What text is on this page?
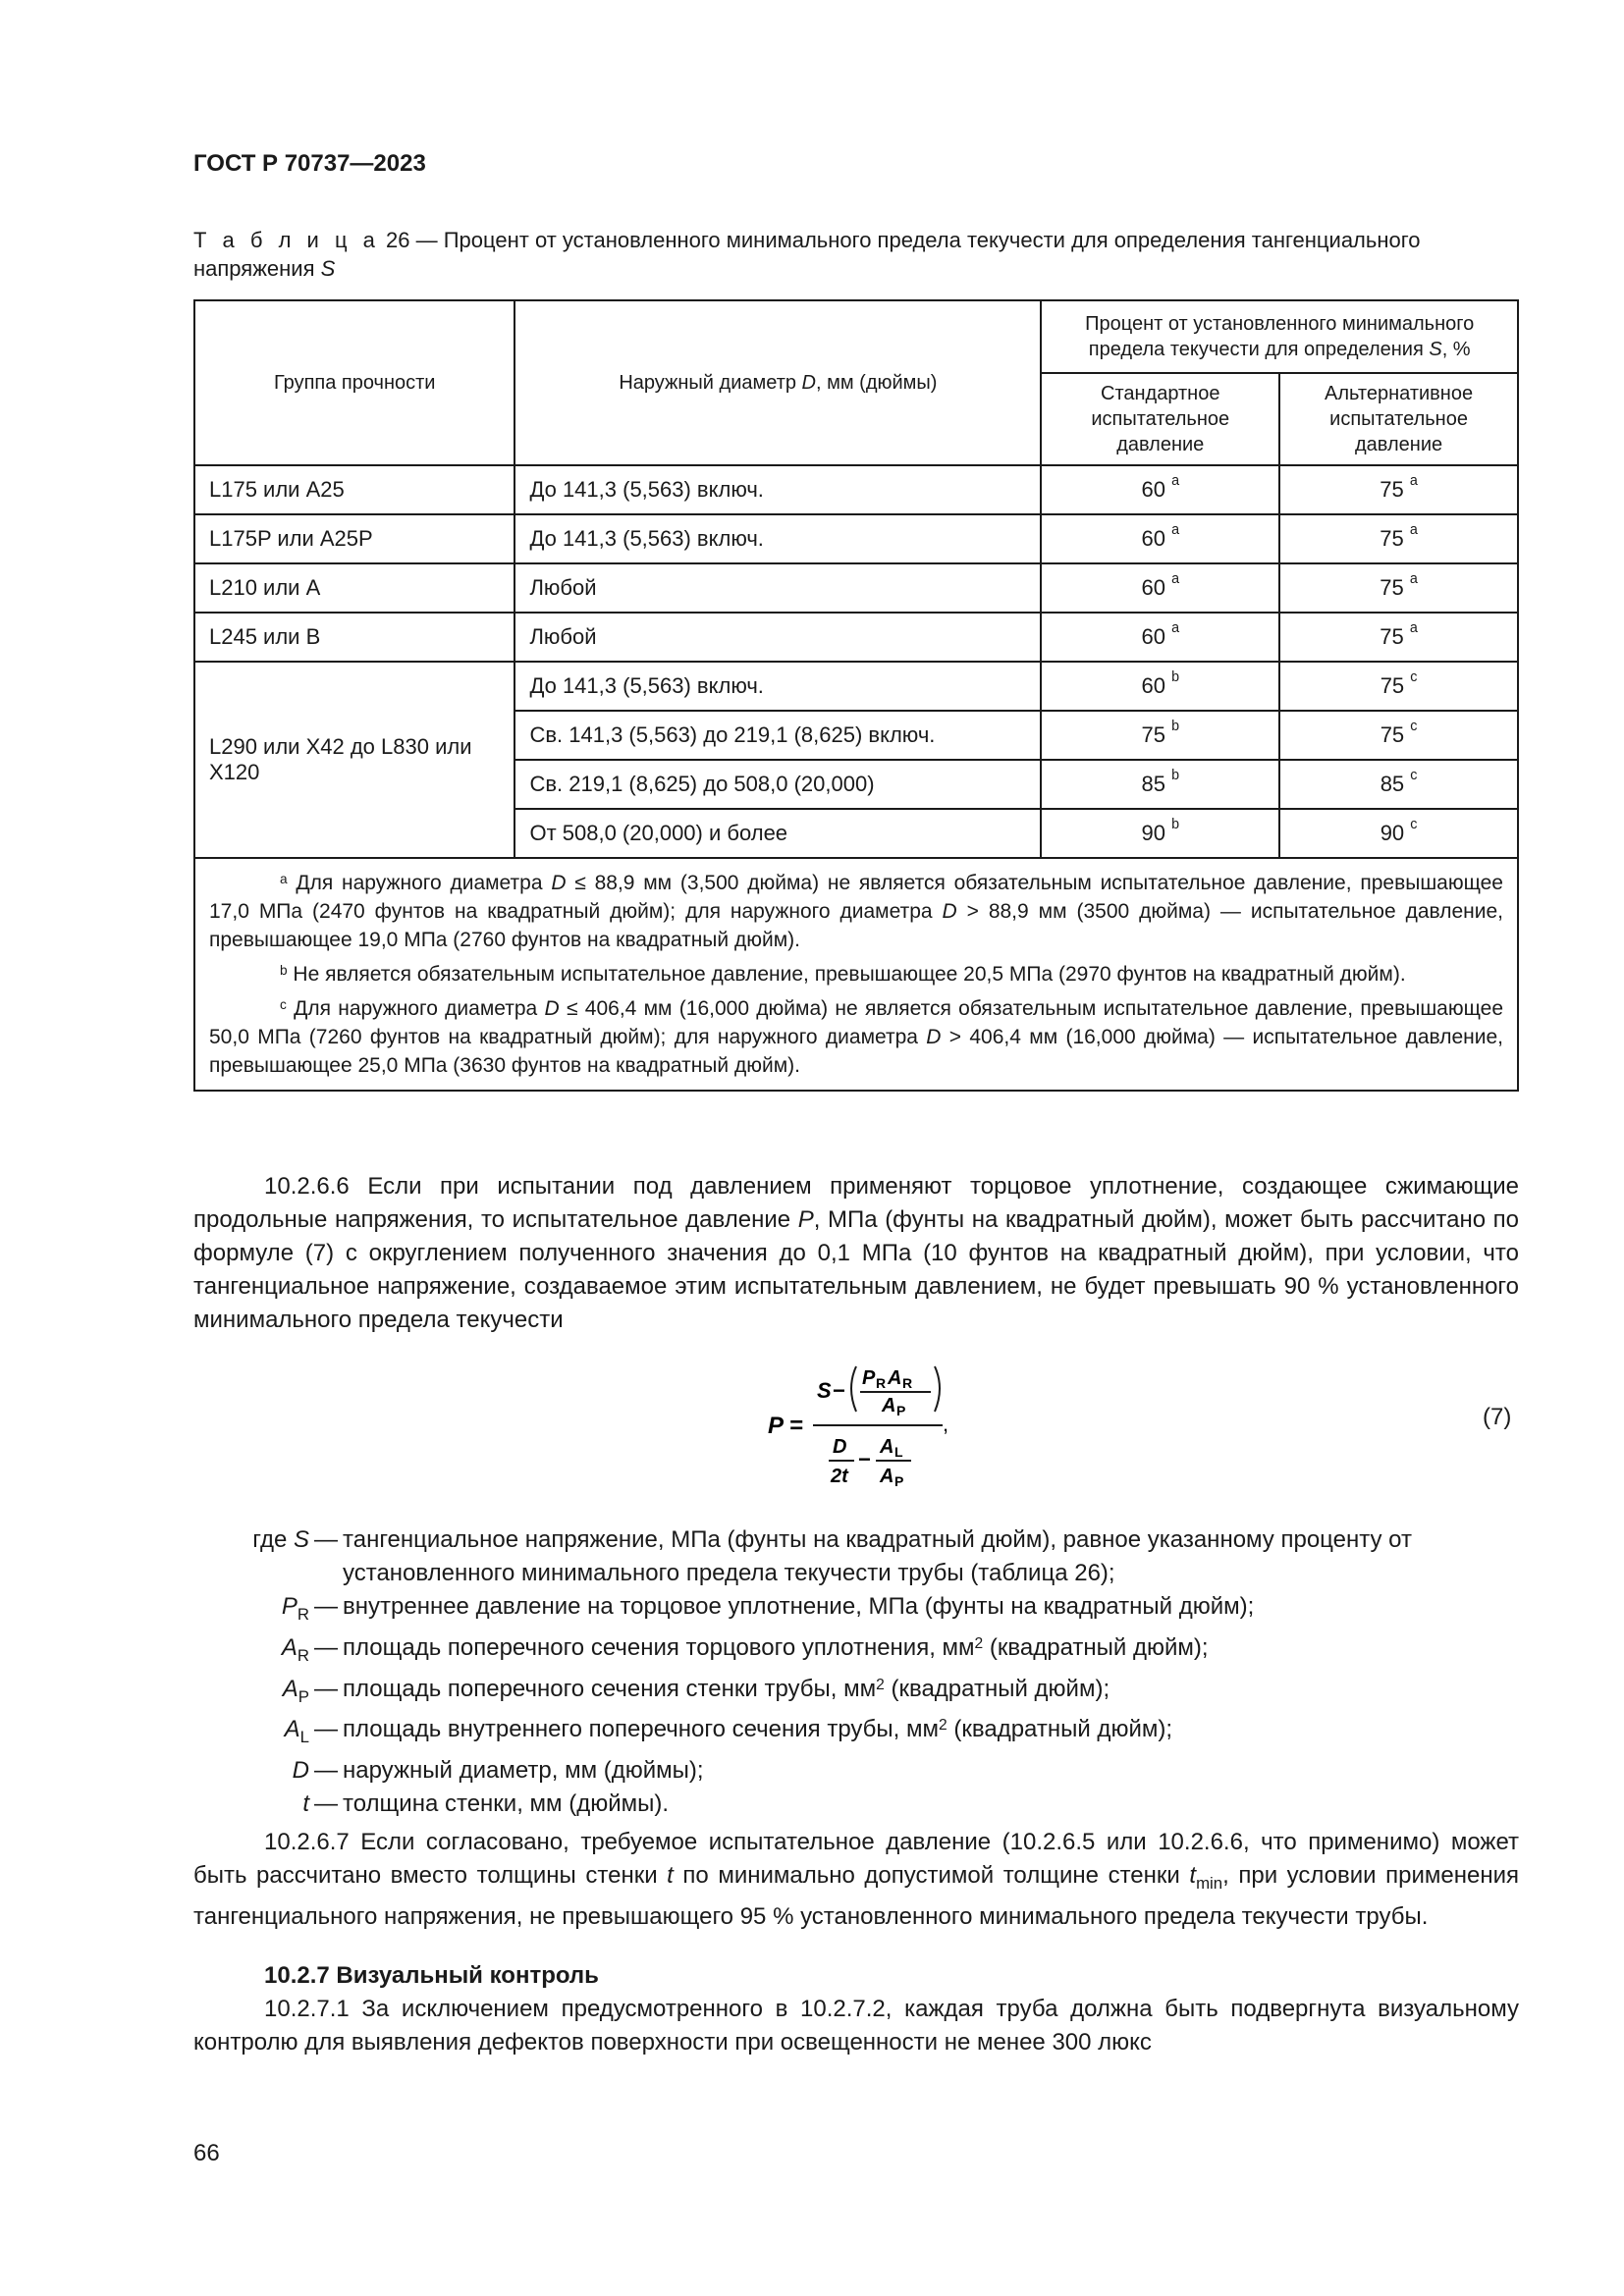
ГОСТ Р 70737—2023
Т а б л и ц а 26 — Процент от установленного минимального предела текучести для определения тангенциального напряжения S
Группа прочности	Наружный диаметр D, мм (дюймы)	Процент от установленного минимального предела текучести для определения S, %	
		Стандартное испытательное давление	Альтернативное испытательное давление
L175 или A25	До 141,3 (5,563) включ.	60 $^a$	75 $^a$
L175P или A25P	До 141,3 (5,563) включ.	60 $^a$	75 $^a$
L210 или A	Любой	60 $^a$	75 $^a$
L245 или B	Любой	60 $^a$	75 $^a$
L290 или X42 до L830 или X120	До 141,3 (5,563) включ.	60 $^b$	75 $^c$
	Св. 141,3 (5,563) до 219,1 (8,625) включ.	75 $^b$	75 $^c$
	Св. 219,1 (8,625) до 508,0 (20,000)	85 $^b$	85 $^c$
	От 508,0 (20,000) и более	90 $^b$	90 $^c$

$^a$ Для наружного диаметра D ≤ 88,9 мм (3,500 дюйма) не является обязательным испытательное давление, превышающее 17,0 МПа (2470 фунтов на квадратный дюйм); для наружного диаметра D > 88,9 мм (3500 дюйма) — испытательное давление, превышающее 19,0 МПа (2760 фунтов на квадратный дюйм).

$^b$ Не является обязательным испытательное давление, превышающее 20,5 МПа (2970 фунтов на квадратный дюйм).

$^c$ Для наружного диаметра D ≤ 406,4 мм (16,000 дюйма) не является обязательным испытательное давление, превышающее 50,0 МПа (7260 фунтов на квадратный дюйм); для наружного диаметра D > 406,4 мм (16,000 дюйма) — испытательное давление, превышающее 25,0 МПа (3630 фунтов на квадратный дюйм).			

10.2.6.6 Если при испытании под давлением применяют торцовое уплотнение, создающее сжимающие продольные напряжения, то испытательное давление P, МПа (фунты на квадратный дюйм), может быть рассчитано по формуле (7) с округлением полученного значения до 0,1 МПа (10 фунтов на квадратный дюйм), при условии, что тангенциальное напряжение, создаваемое этим испытательным давлением, не будет превышать 90 % установленного минимального предела текучести
P =
S − P R A R
A P
D
2t
− A L
A P
,	(7)
где S — тангенциальное напряжение, МПа (фунты на квадратный дюйм), равное указанному проценту от установленного минимального предела текучести трубы (таблица 26);
$P_R$ — внутреннее давление на торцовое уплотнение, МПа (фунты на квадратный дюйм);
$A_R$ — площадь поперечного сечения торцового уплотнения, $мм^2$ (квадратный дюйм);
$A_P$ — площадь поперечного сечения стенки трубы, $мм^2$ (квадратный дюйм);
$A_L$ — площадь внутреннего поперечного сечения трубы, $мм^2$ (квадратный дюйм);
D — наружный диаметр, мм (дюймы);
t — толщина стенки, мм (дюймы).
10.2.6.7 Если согласовано, требуемое испытательное давление (10.2.6.5 или 10.2.6.6, что применимо) может быть рассчитано вместо толщины стенки t по минимально допустимой толщине стенки $t_{min}$, при условии применения тангенциального напряжения, не превышающего 95 % установленного минимального предела текучести трубы.
10.2.7 Визуальный контроль
10.2.7.1 За исключением предусмотренного в 10.2.7.2, каждая труба должна быть подвергнута визуальному контролю для выявления дефектов поверхности при освещенности не менее 300 люкс
66
